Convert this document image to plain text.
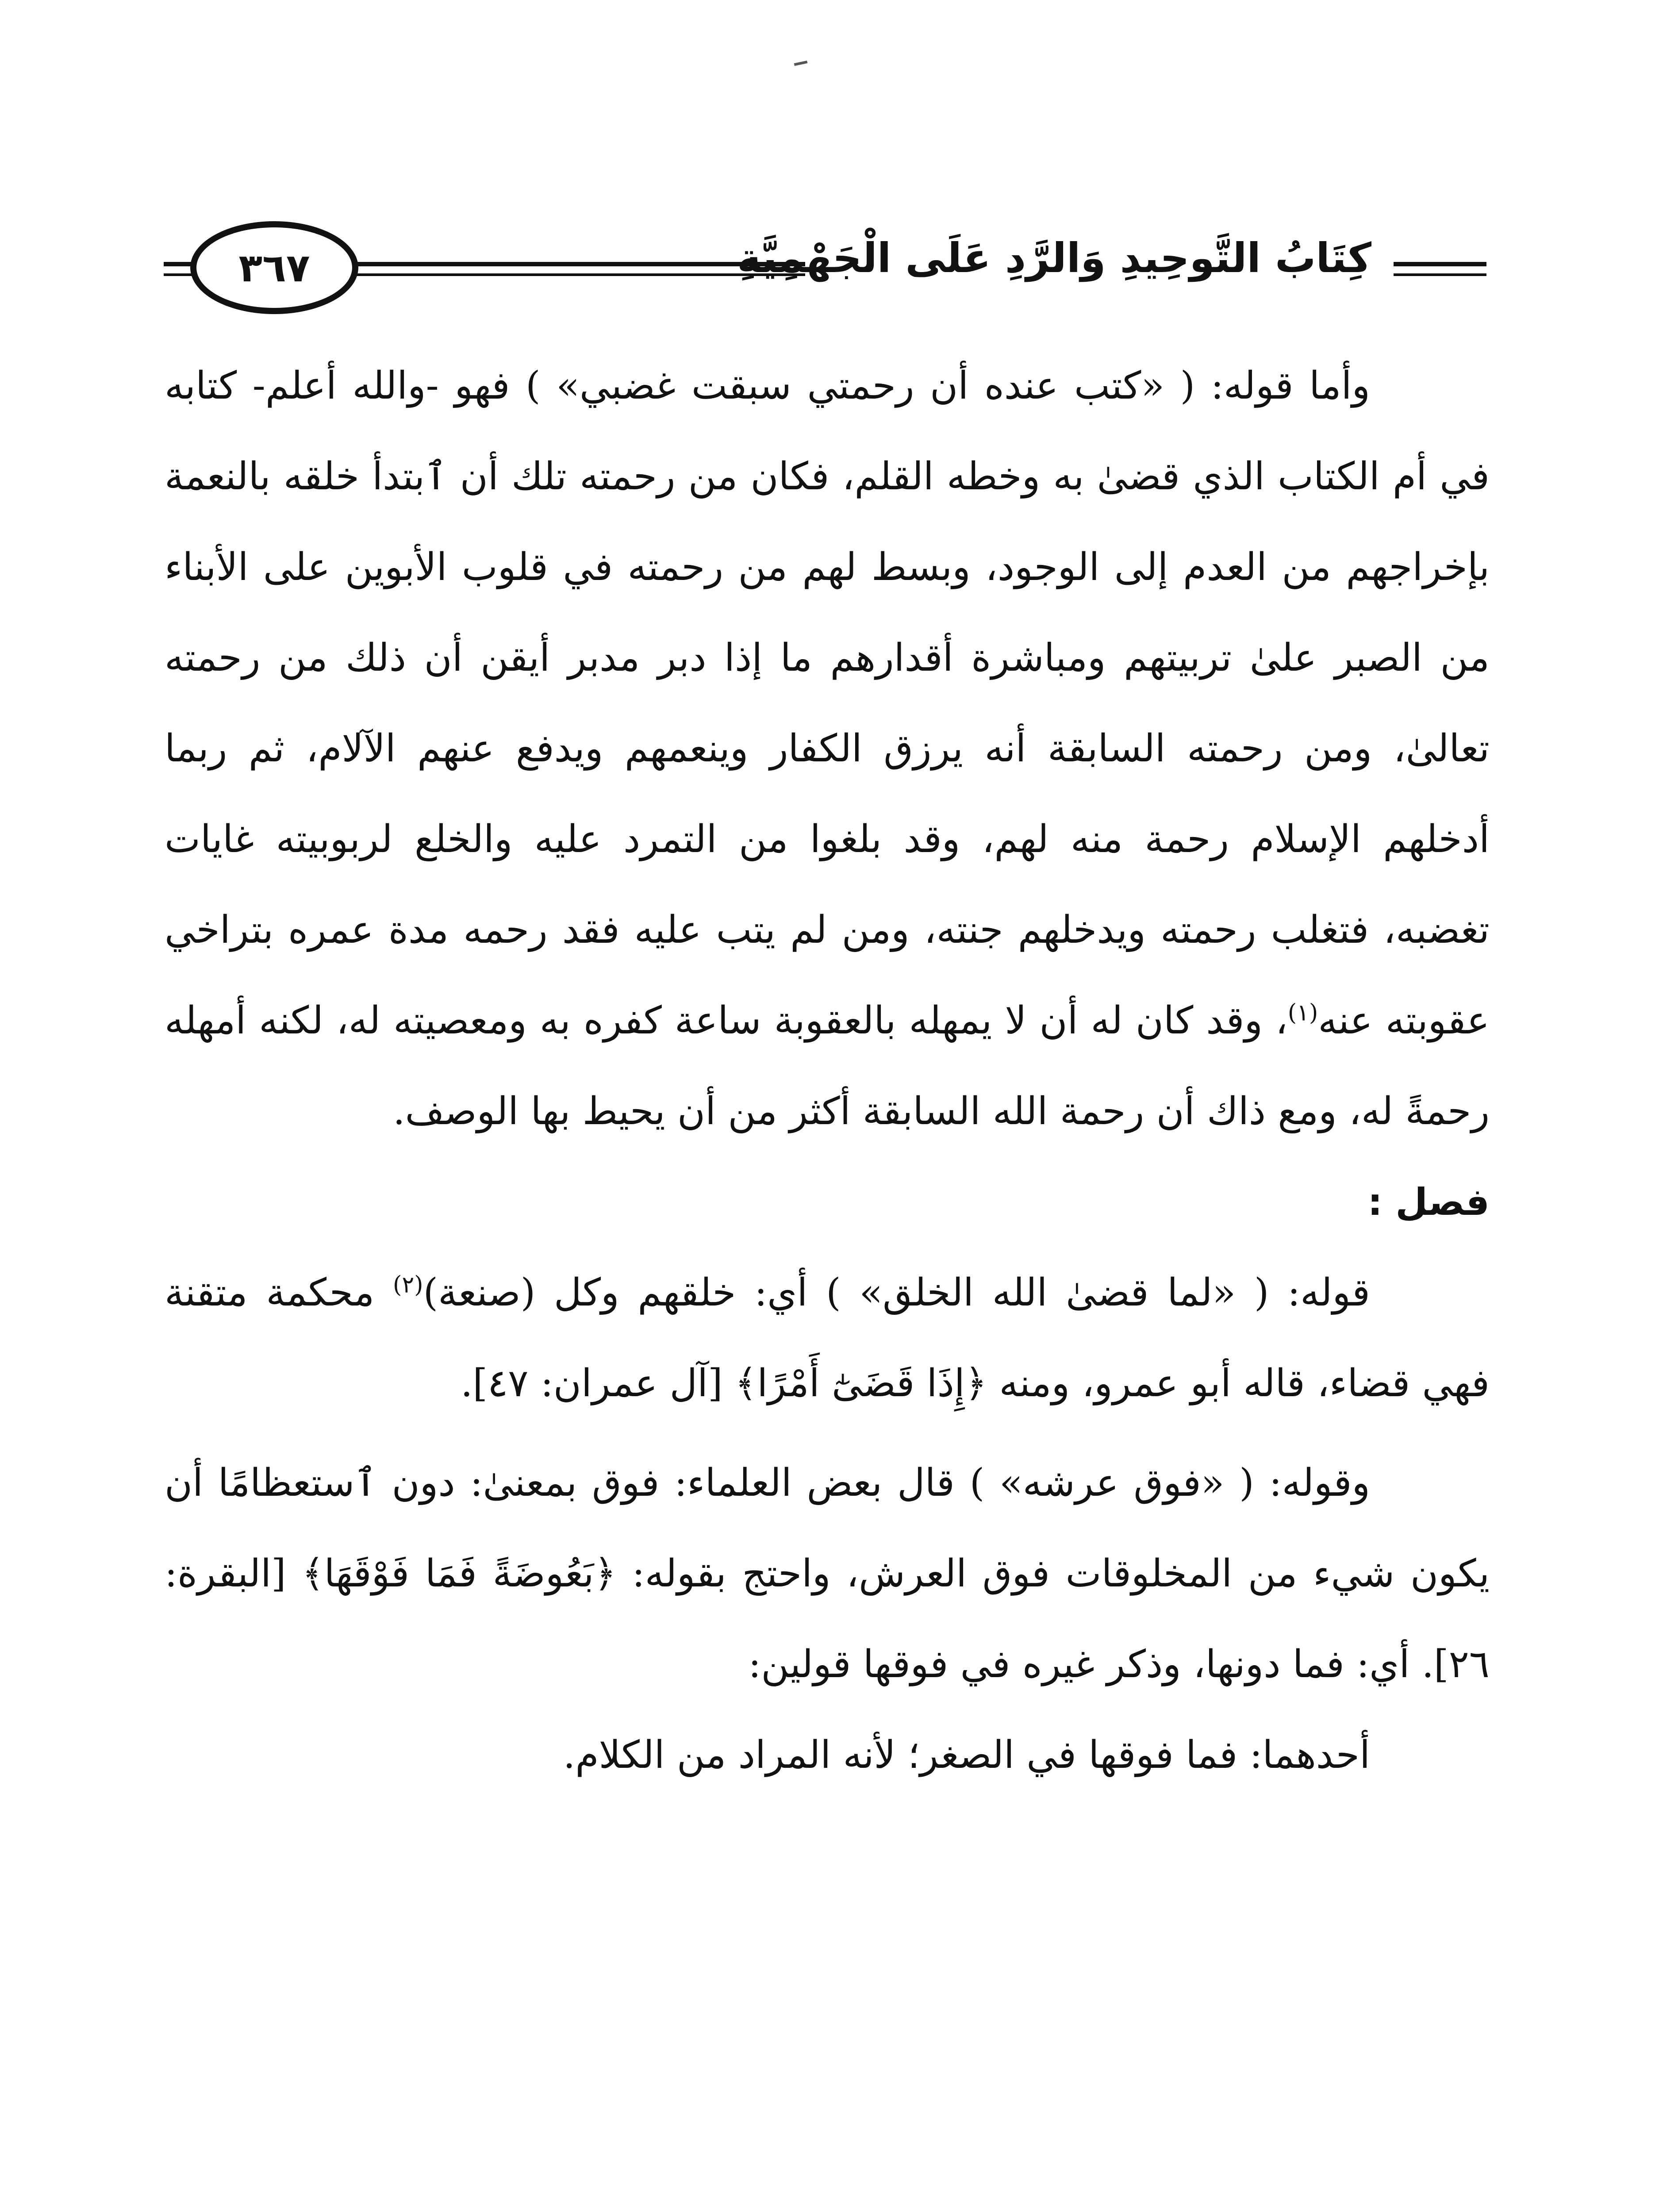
٣٦٧	كِتَابُ التَّوحِيدِ وَالرَّدِ عَلَى الْجَهْمِيَّةِ

وأما قوله: ( «كتب عنده أن رحمتي سبقت غضبي» ) فهو -والله أعلم- كتابه في أم الكتاب الذي قضىٰ به وخطه القلم، فكان من رحمته تلك أن ٱبتدأ خلقه بالنعمة بإخراجهم من العدم إلى الوجود، وبسط لهم من رحمته في قلوب الأبوين على الأبناء من الصبر علىٰ تربيتهم ومباشرة أقدارهم ما إذا دبر مدبر أيقن أن ذلك من رحمته تعالىٰ، ومن رحمته السابقة أنه يرزق الكفار وينعمهم ويدفع عنهم الآلام، ثم ربما أدخلهم الإسلام رحمة منه لهم، وقد بلغوا من التمرد عليه والخلع لربوبيته غايات تغضبه، فتغلب رحمته ويدخلهم جنته، ومن لم يتب عليه فقد رحمه مدة عمره بتراخي عقوبته عنه$^{(١)}$، وقد كان له أن لا يمهله بالعقوبة ساعة كفره به ومعصيته له، لكنه أمهله رحمةً له، ومع ذاك أن رحمة الله السابقة أكثر من أن يحيط بها الوصف.

فصل :

قوله: ( «لما قضىٰ الله الخلق» ) أي: خلقهم وكل (صنعة)$^{(٢)}$ محكمة متقنة فهي قضاء، قاله أبو عمرو، ومنه ﴿إِذَا قَضَىٰٓ أَمْرًا﴾ [آل عمران: ٤٧].

وقوله: ( «فوق عرشه» ) قال بعض العلماء: فوق بمعنىٰ: دون ٱستعظامًا أن يكون شيء من المخلوقات فوق العرش، واحتج بقوله: ﴿بَعُوضَةً فَمَا فَوْقَهَا﴾ [البقرة: ٢٦]. أي: فما دونها، وذكر غيره في فوقها قولين:

أحدهما: فما فوقها في الصغر؛ لأنه المراد من الكلام.
